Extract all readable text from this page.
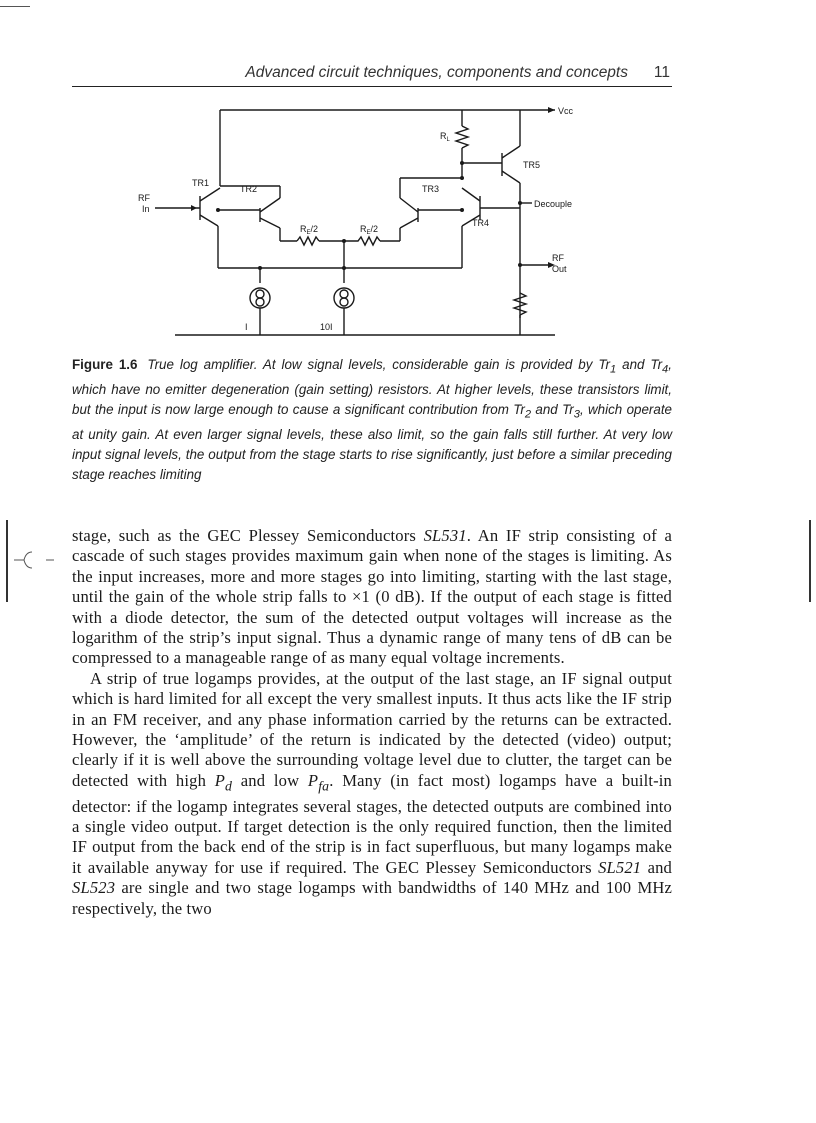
Advanced circuit techniques, components and concepts 11
Vcc
$R_L$
TR1
TR2	TR3
TR4
TR5
RF
In	Decouple
RF
Out
$R_E/2$	$R_E/2$
I	10I
Figure 1.6 True log amplifier. At low signal levels, considerable gain is provided by $Tr_1$ and $Tr_4$, which have no emitter degeneration (gain setting) resistors. At higher levels, these transistors limit, but the input is now large enough to cause a significant contribution from $Tr_2$ and $Tr_3$, which operate at unity gain. At even larger signal levels, these also limit, so the gain falls still further. At very low input signal levels, the output from the stage starts to rise significantly, just before a similar preceding stage reaches limiting

stage, such as the GEC Plessey Semiconductors SL531. An IF strip consisting of a cascade of such stages provides maximum gain when none of the stages is limiting. As the input increases, more and more stages go into limiting, starting with the last stage, until the gain of the whole strip falls to ×1 (0 dB). If the output of each stage is fitted with a diode detector, the sum of the detected output voltages will increase as the logarithm of the strip’s input signal. Thus a dynamic range of many tens of dB can be compressed to a manageable range of as many equal voltage increments.

A strip of true logamps provides, at the output of the last stage, an IF signal output which is hard limited for all except the very smallest inputs. It thus acts like the IF strip in an FM receiver, and any phase information carried by the returns can be extracted. However, the ‘amplitude’ of the return is indicated by the detected (video) output; clearly if it is well above the surrounding voltage level due to clutter, the target can be detected with high $P_d$ and low $P_{fa}$. Many (in fact most) logamps have a built-in detector: if the logamp integrates several stages, the detected outputs are combined into a single video output. If target detection is the only required function, then the limited IF output from the back end of the strip is in fact superfluous, but many logamps make it available anyway for use if required. The GEC Plessey Semiconductors SL521 and SL523 are single and two stage logamps with bandwidths of 140 MHz and 100 MHz respectively, the two
